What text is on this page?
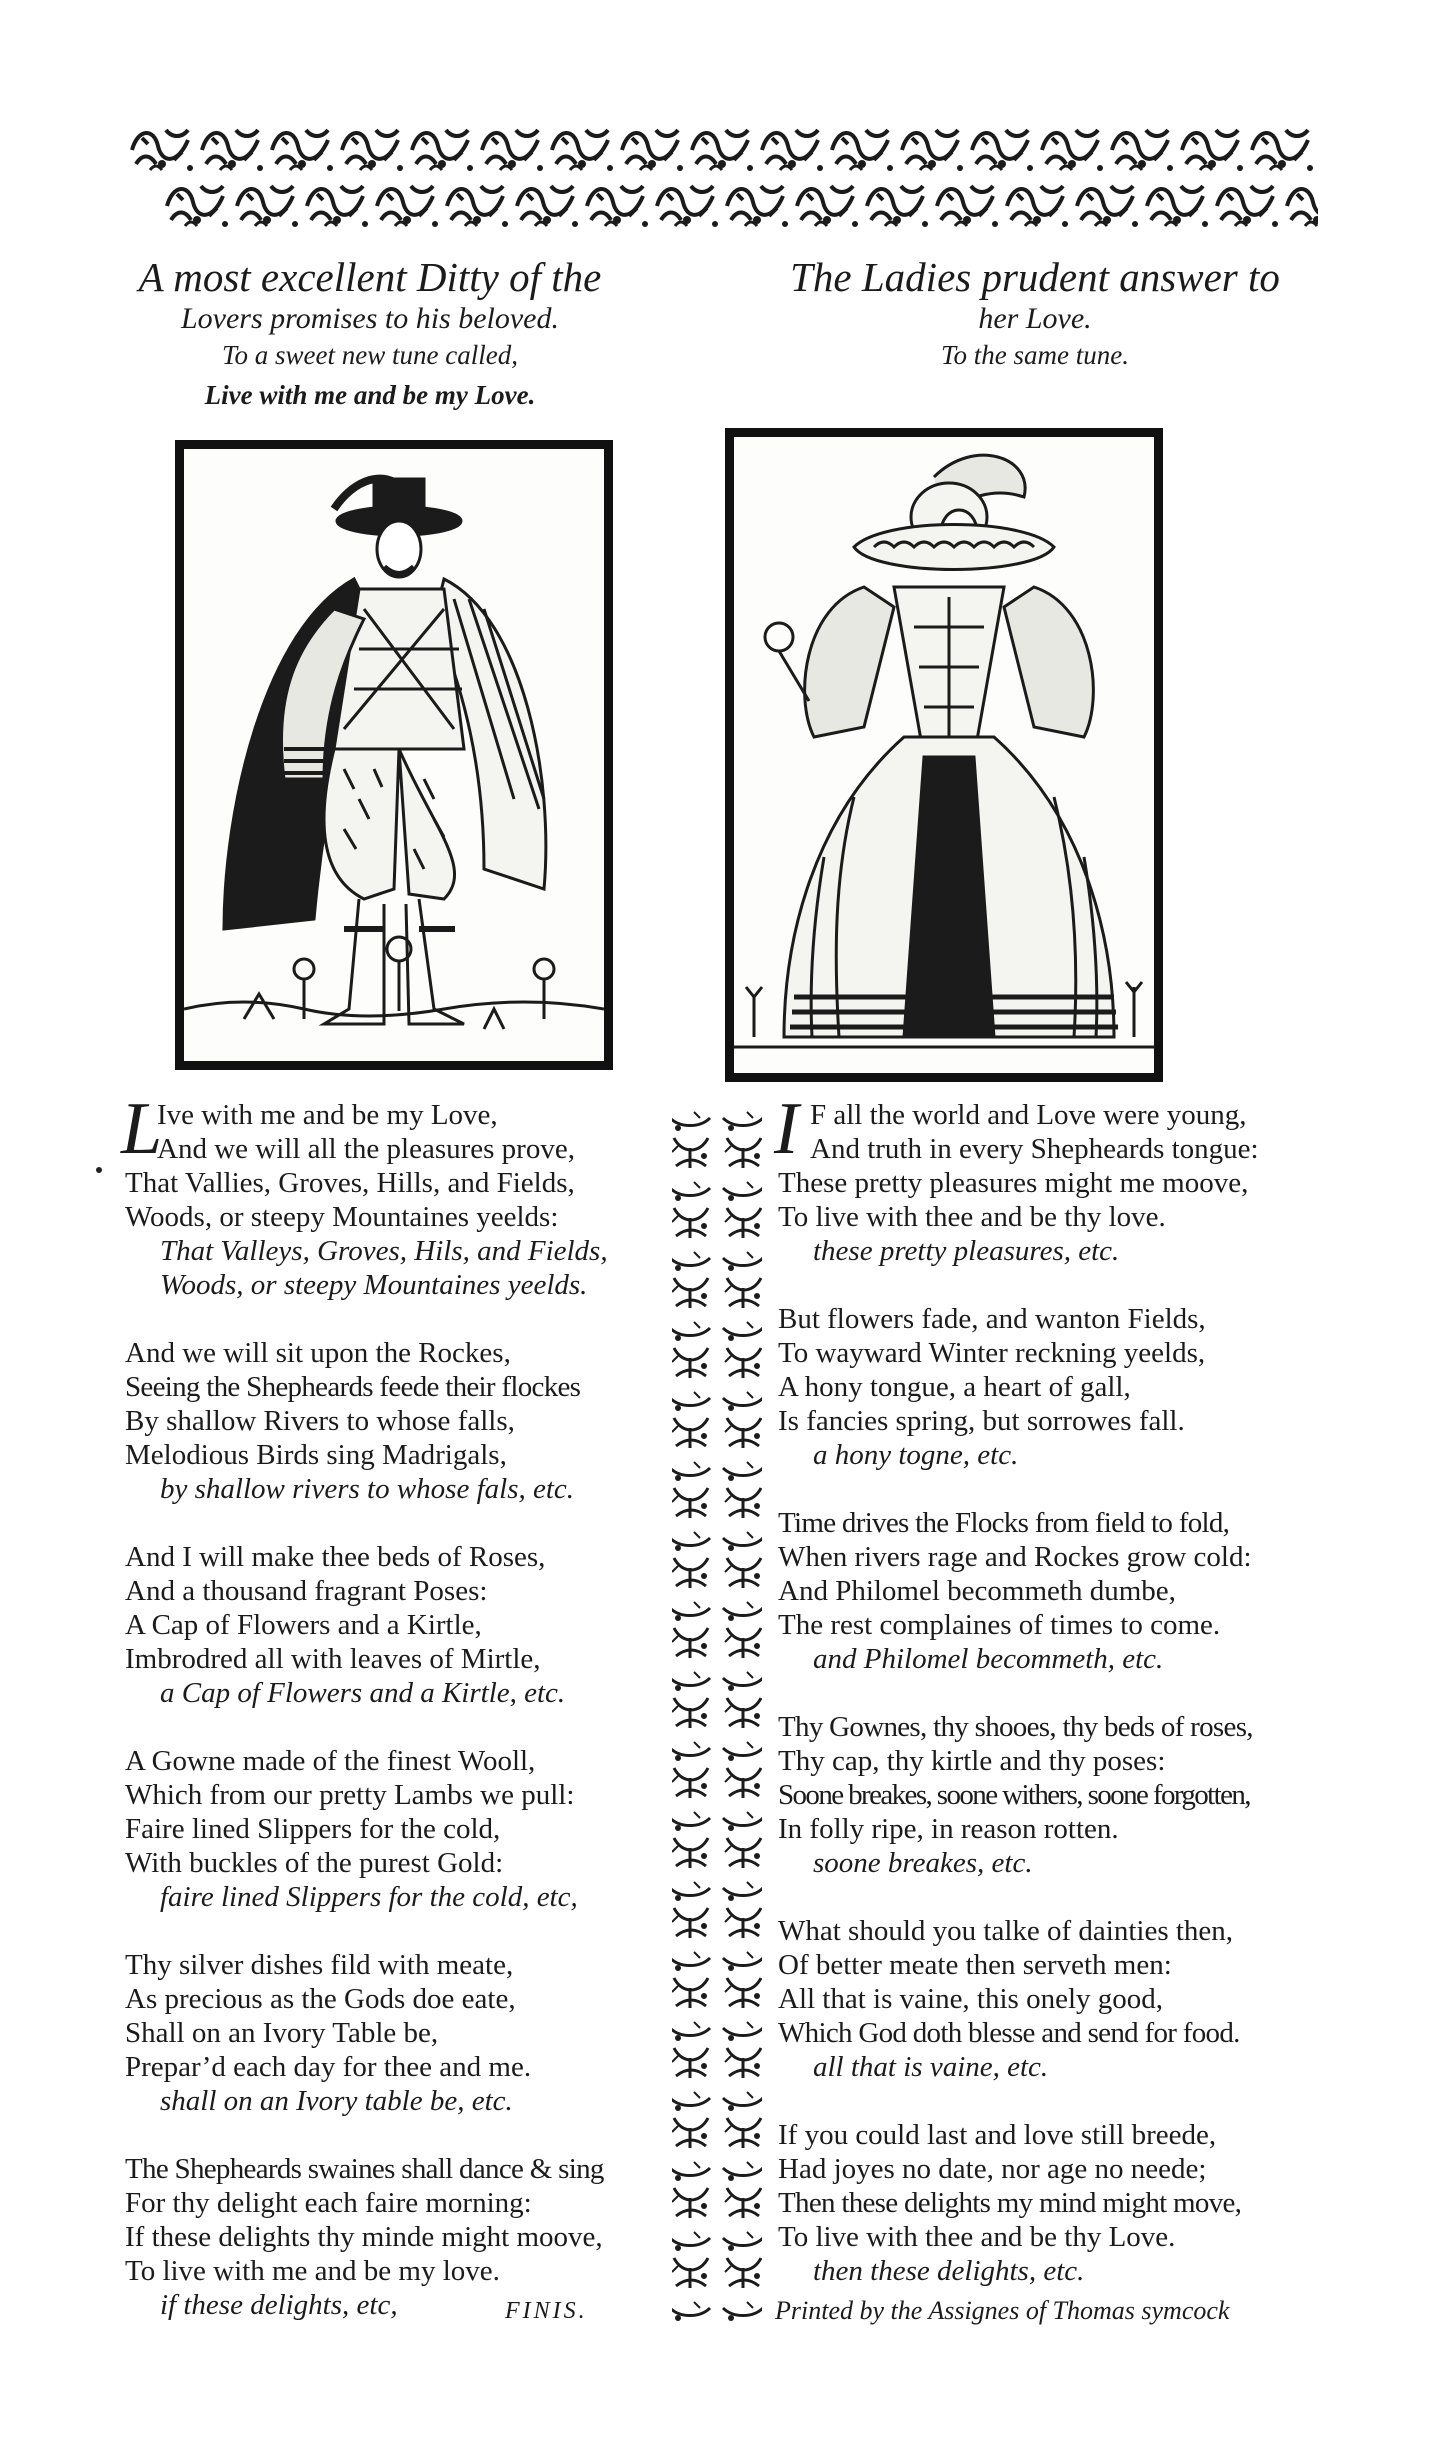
A most excellent Ditty of the
Lovers promises to his beloved.
To a sweet new tune called,
Live with me and be my Love.
The Ladies prudent answer to
her Love.
To the same tune.
L
Ive with me and be my Love,
And we will all the pleasures prove,
That Vallies, Groves, Hills, and Fields,
Woods, or steepy Mountaines yeelds:
That Valleys, Groves, Hils, and Fields,
Woods, or steepy Mountaines yeelds.
And we will sit upon the Rockes,
Seeing the Shepheards feede their flockes
By shallow Rivers to whose falls,
Melodious Birds sing Madrigals,
by shallow rivers to whose fals, etc.
And I will make thee beds of Roses,
And a thousand fragrant Poses:
A Cap of Flowers and a Kirtle,
Imbrodred all with leaves of Mirtle,
a Cap of Flowers and a Kirtle, etc.
A Gowne made of the finest Wooll,
Which from our pretty Lambs we pull:
Faire lined Slippers for the cold,
With buckles of the purest Gold:
faire lined Slippers for the cold, etc,
Thy silver dishes fild with meate,
As precious as the Gods doe eate,
Shall on an Ivory Table be,
Prepar’d each day for thee and me.
shall on an Ivory table be, etc.
The Shepheards swaines shall dance & sing
For thy delight each faire morning:
If these delights thy minde might moove,
To live with me and be my love.
if these delights, etc,
I F all the world and Love were young,
And truth in every Shepheards tongue:
These pretty pleasures might me moove,
To live with thee and be thy love.
these pretty pleasures, etc.
But flowers fade, and wanton Fields,
To wayward Winter reckning yeelds,
A hony tongue, a heart of gall,
Is fancies spring, but sorrowes fall.
a hony togne, etc.
Time drives the Flocks from field to fold,
When rivers rage and Rockes grow cold:
And Philomel becommeth dumbe,
The rest complaines of times to come.
and Philomel becommeth, etc.
Thy Gownes, thy shooes, thy beds of roses,
Thy cap, thy kirtle and thy poses:
Soone breakes, soone withers, soone forgotten,
In folly ripe, in reason rotten.
soone breakes, etc.
What should you talke of dainties then,
Of better meate then serveth men:
All that is vaine, this onely good,
Which God doth blesse and send for food.
all that is vaine, etc.
If you could last and love still breede,
Had joyes no date, nor age no neede;
Then these delights my mind might move,
To live with thee and be thy Love.
then these delights, etc.
FINIS.	Printed by the Assignes of Thomas symcock
